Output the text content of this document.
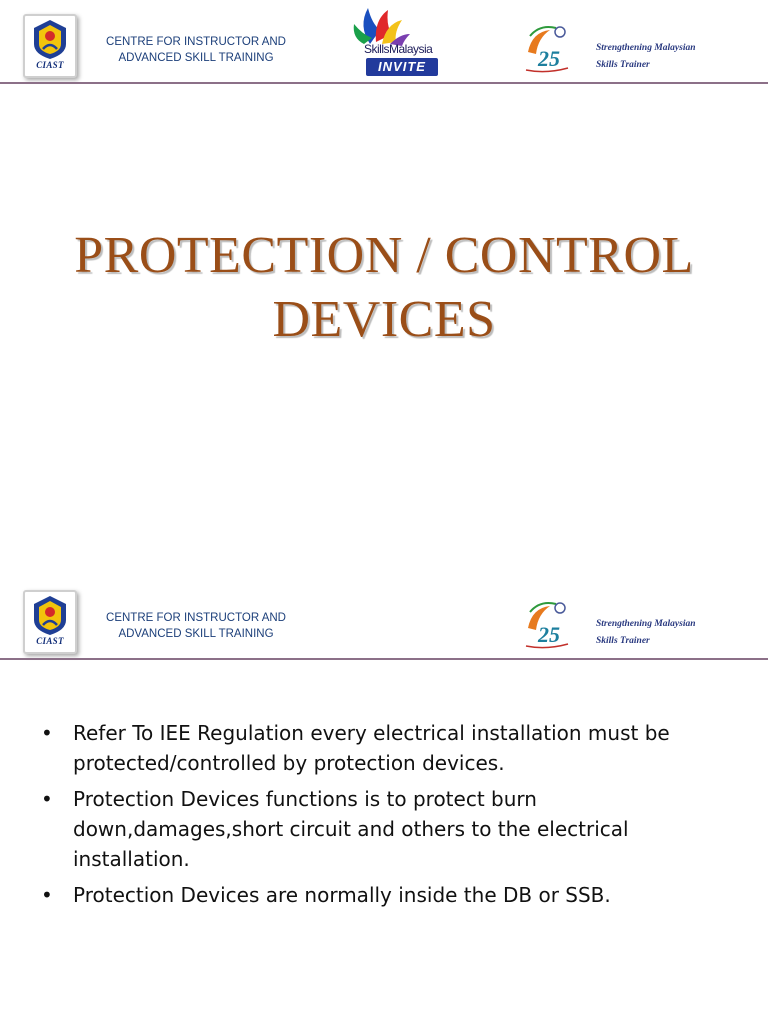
CIAST
CENTRE FOR INSTRUCTOR AND
ADVANCED SKILL TRAINING
SkillsMalaysia
INVITE	25	Strengthening Malaysian
Skills Trainer
PROTECTION / CONTROL
DEVICES
CIAST
CENTRE FOR INSTRUCTOR AND
ADVANCED SKILL TRAINING	25	Strengthening Malaysian
Skills Trainer
• Refer To IEE Regulation every electrical installation must be protected/controlled by protection devices.
• Protection Devices functions is to protect burn down,damages,short circuit and others to the electrical installation.
• Protection Devices are normally inside the DB or SSB.
